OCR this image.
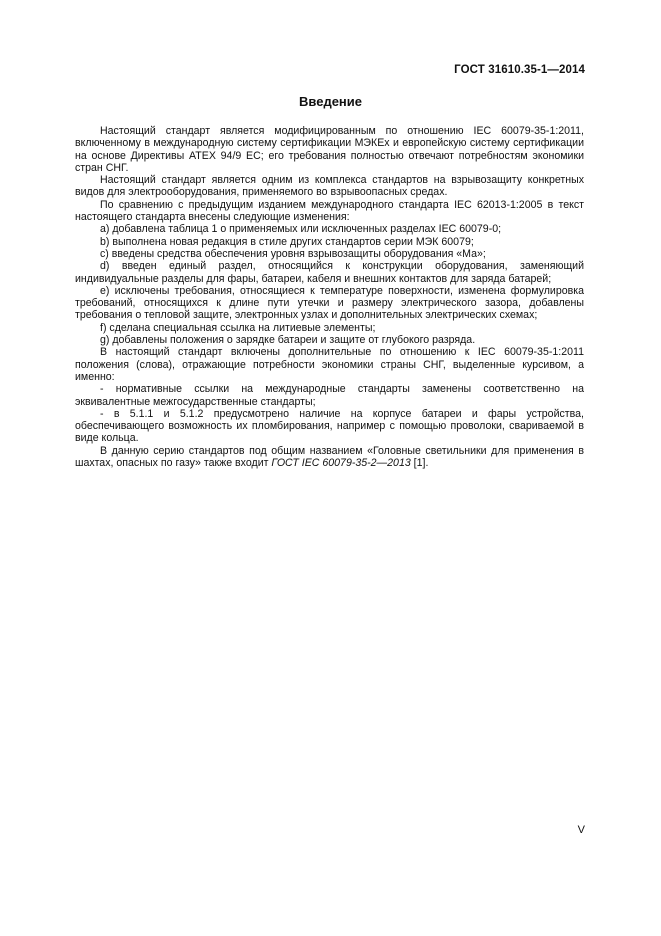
ГОСТ 31610.35-1—2014
Введение

Настоящий стандарт является модифицированным по отношению IEC 60079-35-1:2011, включенному в международную систему сертификации МЭКЕх и европейскую систему сертификации на основе Директивы ATEX 94/9 ЕС; его требования полностью отвечают потребностям экономики стран СНГ.

Настоящий стандарт является одним из комплекса стандартов на взрывозащиту конкретных видов для электрооборудования, применяемого во взрывоопасных средах.

По сравнению с предыдущим изданием международного стандарта IEC 62013-1:2005 в текст настоящего стандарта внесены следующие изменения:

a) добавлена таблица 1 о применяемых или исключенных разделах IEC 60079-0;

b) выполнена новая редакция в стиле других стандартов серии МЭК 60079;

c) введены средства обеспечения уровня взрывозащиты оборудования «Ма»;

d) введен единый раздел, относящийся к конструкции оборудования, заменяющий индивидуальные разделы для фары, батареи, кабеля и внешних контактов для заряда батарей;

e) исключены требования, относящиеся к температуре поверхности, изменена формулировка требований, относящихся к длине пути утечки и размеру электрического зазора, добавлены требования о тепловой защите, электронных узлах и дополнительных электрических схемах;

f) сделана специальная ссылка на литиевые элементы;

g) добавлены положения о зарядке батареи и защите от глубокого разряда.

В настоящий стандарт включены дополнительные по отношению к IEC 60079-35-1:2011 положения (слова), отражающие потребности экономики страны СНГ, выделенные курсивом, а именно:

- нормативные ссылки на международные стандарты заменены соответственно на эквивалентные межгосударственные стандарты;

- в 5.1.1 и 5.1.2 предусмотрено наличие на корпусе батареи и фары устройства, обеспечивающего возможность их пломбирования, например с помощью проволоки, свариваемой в виде кольца.

В данную серию стандартов под общим названием «Головные светильники для применения в шахтах, опасных по газу» также входит ГОСТ IEC 60079-35-2—2013 [1].

V
